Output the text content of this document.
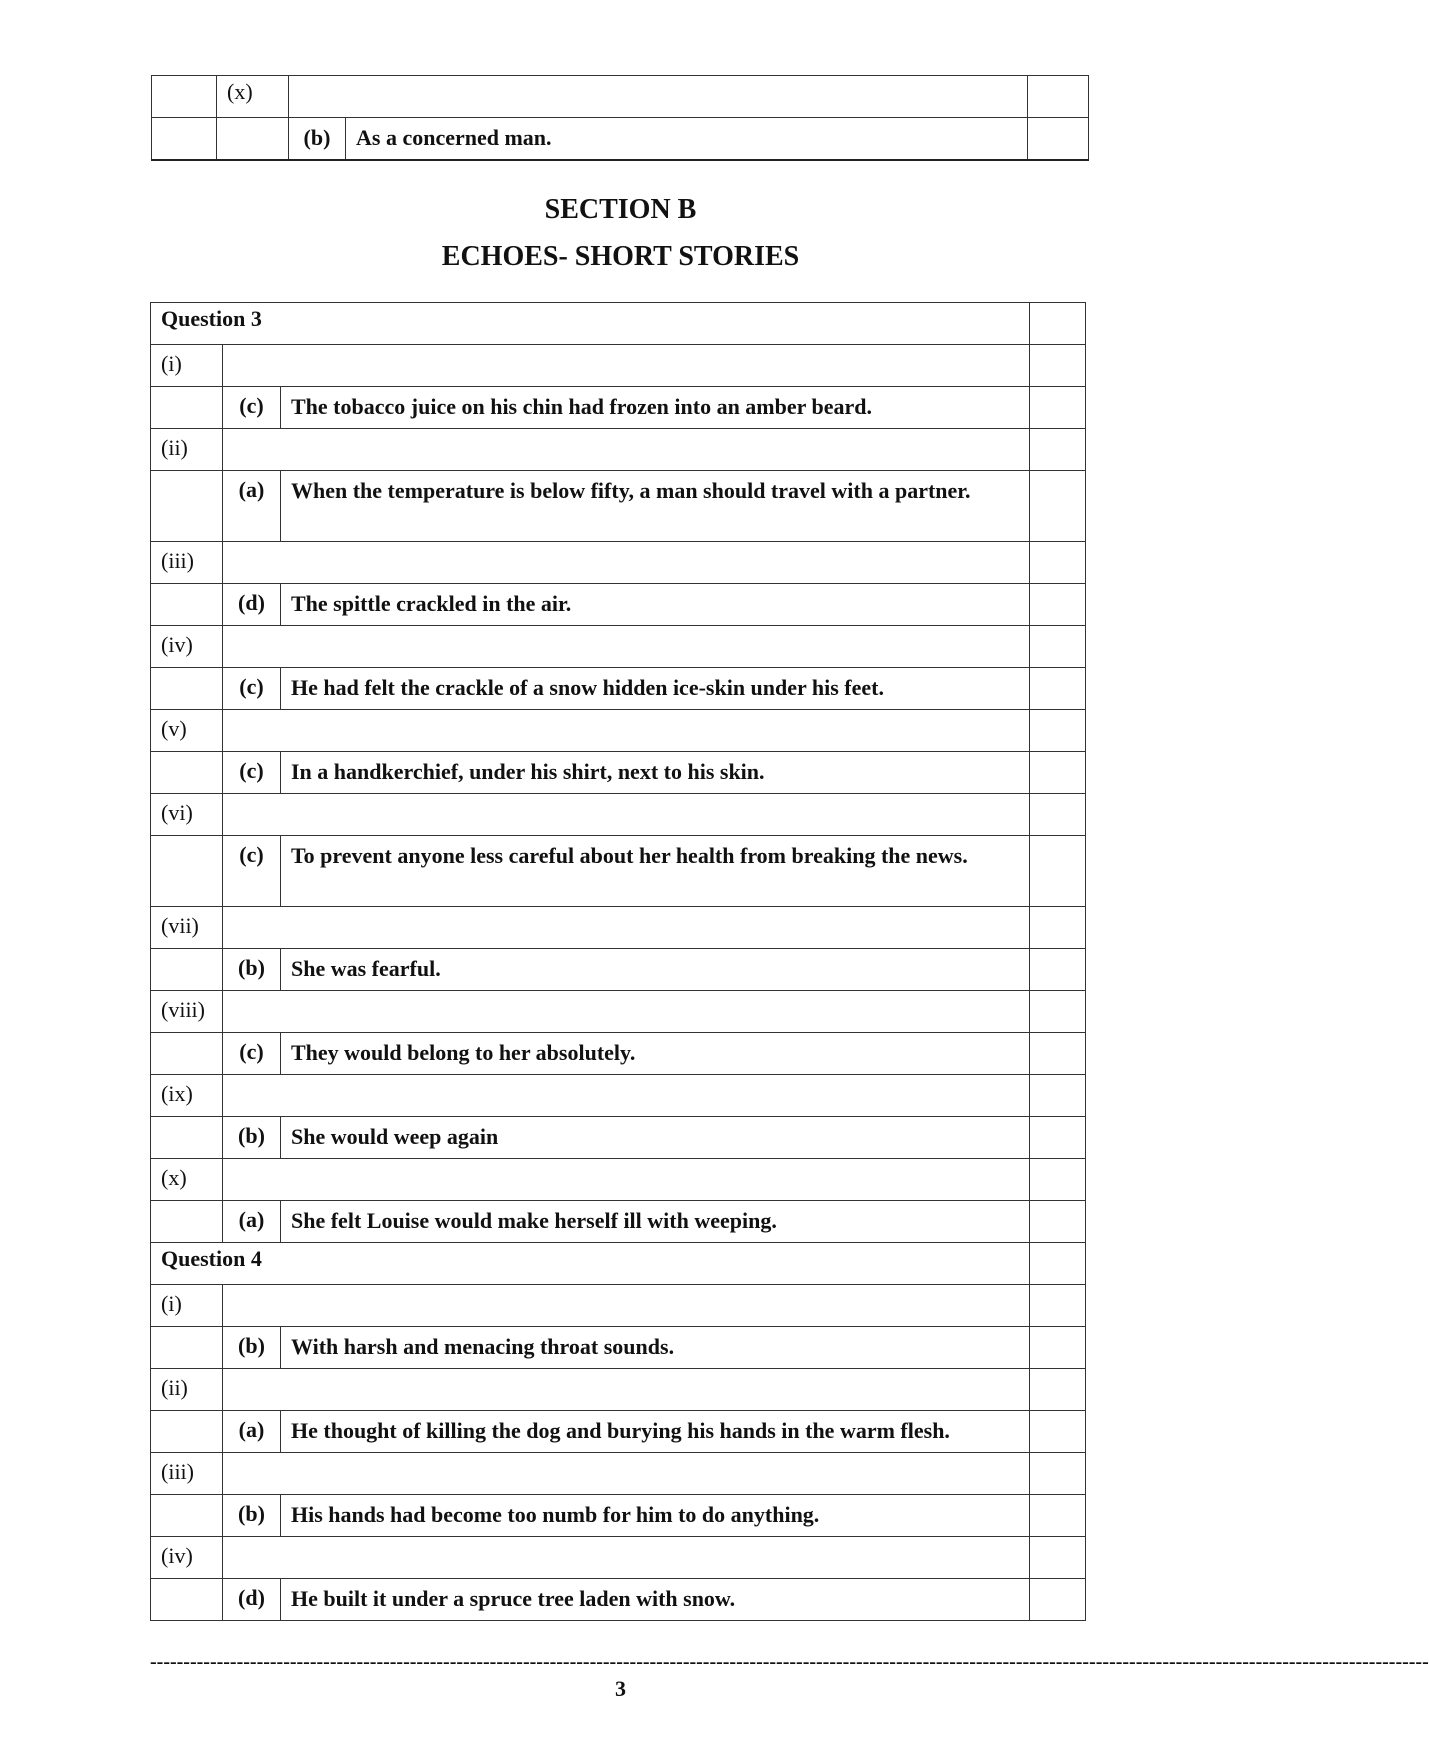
	(x)			
		(b)	As a concerned man.	
SECTION B
ECHOES- SHORT STORIES
Question 3			
(i)			
	(c)	The tobacco juice on his chin had frozen into an amber beard.	
(ii)			
	(a)	When the temperature is below fifty, a man should travel with a partner.	
(iii)			
	(d)	The spittle crackled in the air.	
(iv)			
	(c)	He had felt the crackle of a snow hidden ice-skin under his feet.	
(v)			
	(c)	In a handkerchief, under his shirt, next to his skin.	
(vi)			
	(c)	To prevent anyone less careful about her health from breaking the news.	
(vii)			
	(b)	She was fearful.	
(viii)			
	(c)	They would belong to her absolutely.	
(ix)			
	(b)	She would weep again	
(x)			
	(a)	She felt Louise would make herself ill with weeping.	
Question 4			
(i)			
	(b)	With harsh and menacing throat sounds.	
(ii)			
	(a)	He thought of killing the dog and burying his hands in the warm flesh.	
(iii)			
	(b)	His hands had become too numb for him to do anything.	
(iv)			
	(d)	He built it under a spruce tree laden with snow.	
------------------------------------------------------------------------------------------------------------------------------------------------------------------------------------------------
3
